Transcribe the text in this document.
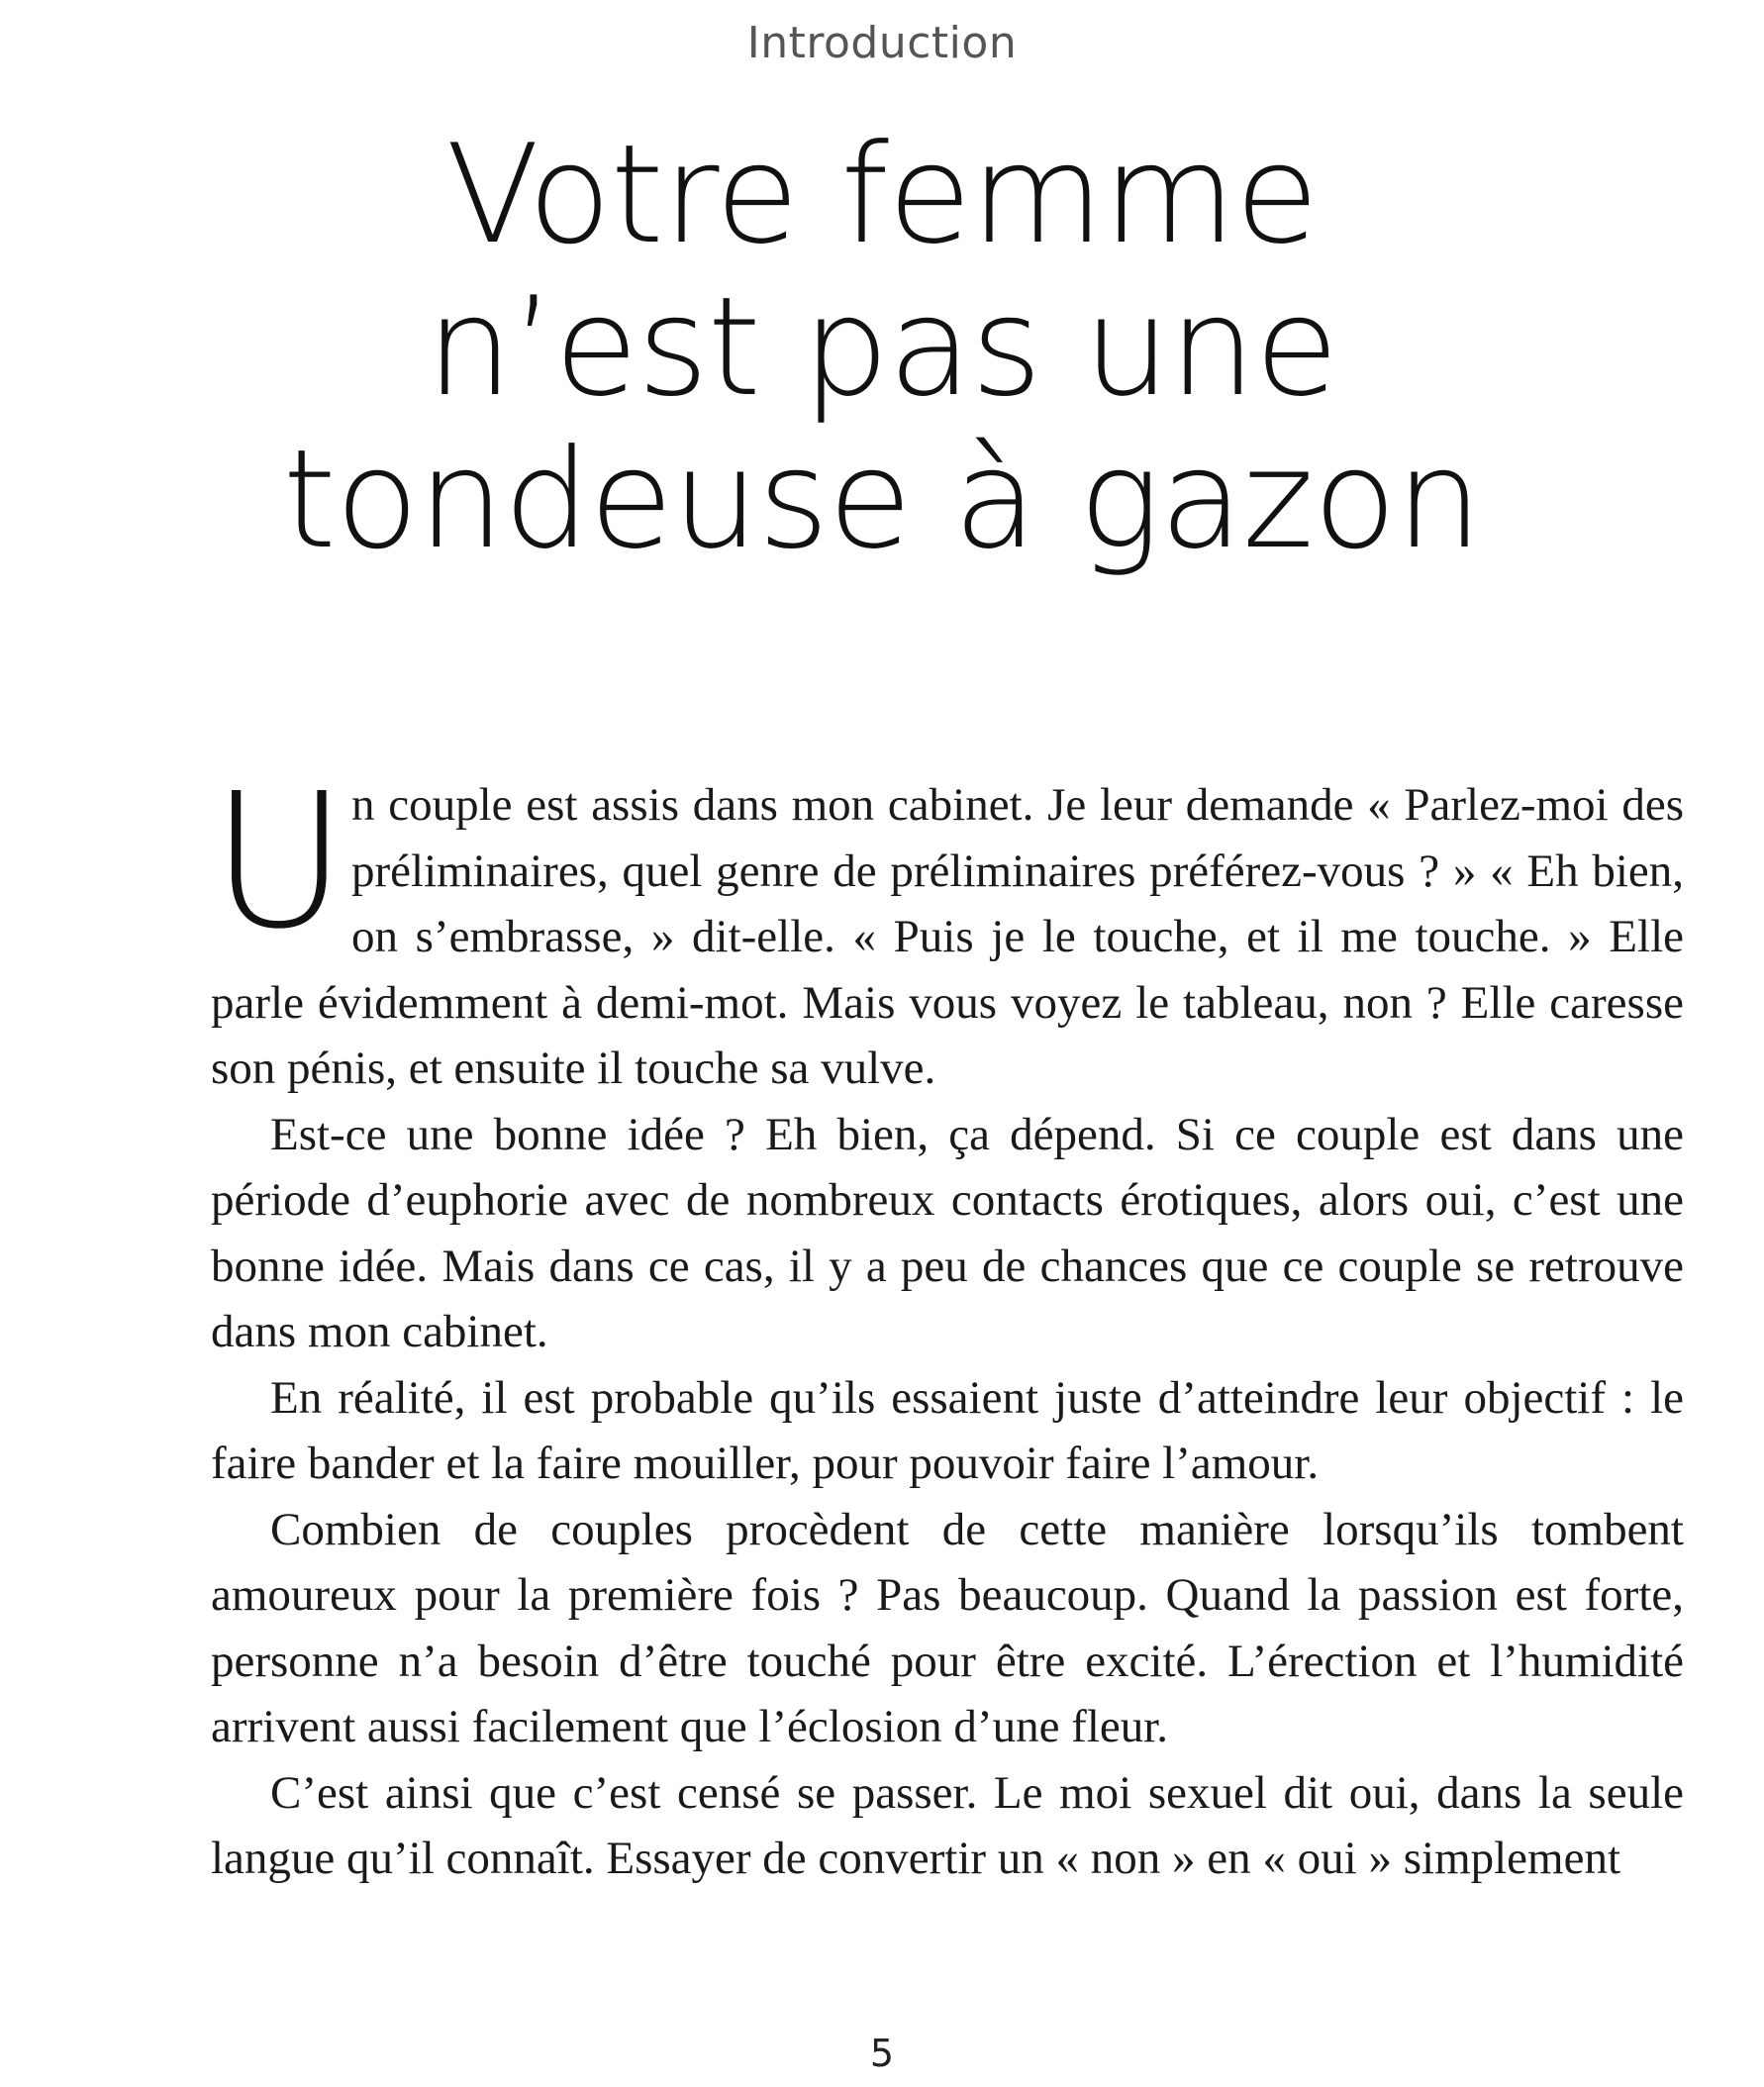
Introduction
Votre femme
n’est pas une
tondeuse à gazon
U n couple est assis dans mon cabinet. Je leur demande « Parlez-moi des préliminaires, quel genre de préliminaires préférez-vous ? » « Eh bien, on s’embrasse, » dit-elle. « Puis je le touche, et il me touche. » Elle parle évidemment à demi-mot. Mais vous voyez le tableau, non ? Elle caresse son pénis, et ensuite il touche sa vulve.

Est-ce une bonne idée ? Eh bien, ça dépend. Si ce couple est dans une période d’euphorie avec de nombreux contacts érotiques, alors oui, c’est une bonne idée. Mais dans ce cas, il y a peu de chances que ce couple se retrouve dans mon cabinet.

En réalité, il est probable qu’ils essaient juste d’atteindre leur objectif : le faire bander et la faire mouiller, pour pouvoir faire l’amour.

Combien de couples procèdent de cette manière lorsqu’ils tombent amoureux pour la première fois ? Pas beaucoup. Quand la passion est forte, personne n’a besoin d’être touché pour être excité. L’érection et l’humidité arrivent aussi facilement que l’éclosion d’une fleur.

C’est ainsi que c’est censé se passer. Le moi sexuel dit oui, dans la seule langue qu’il connaît. Essayer de convertir un « non » en « oui » simplement

5
